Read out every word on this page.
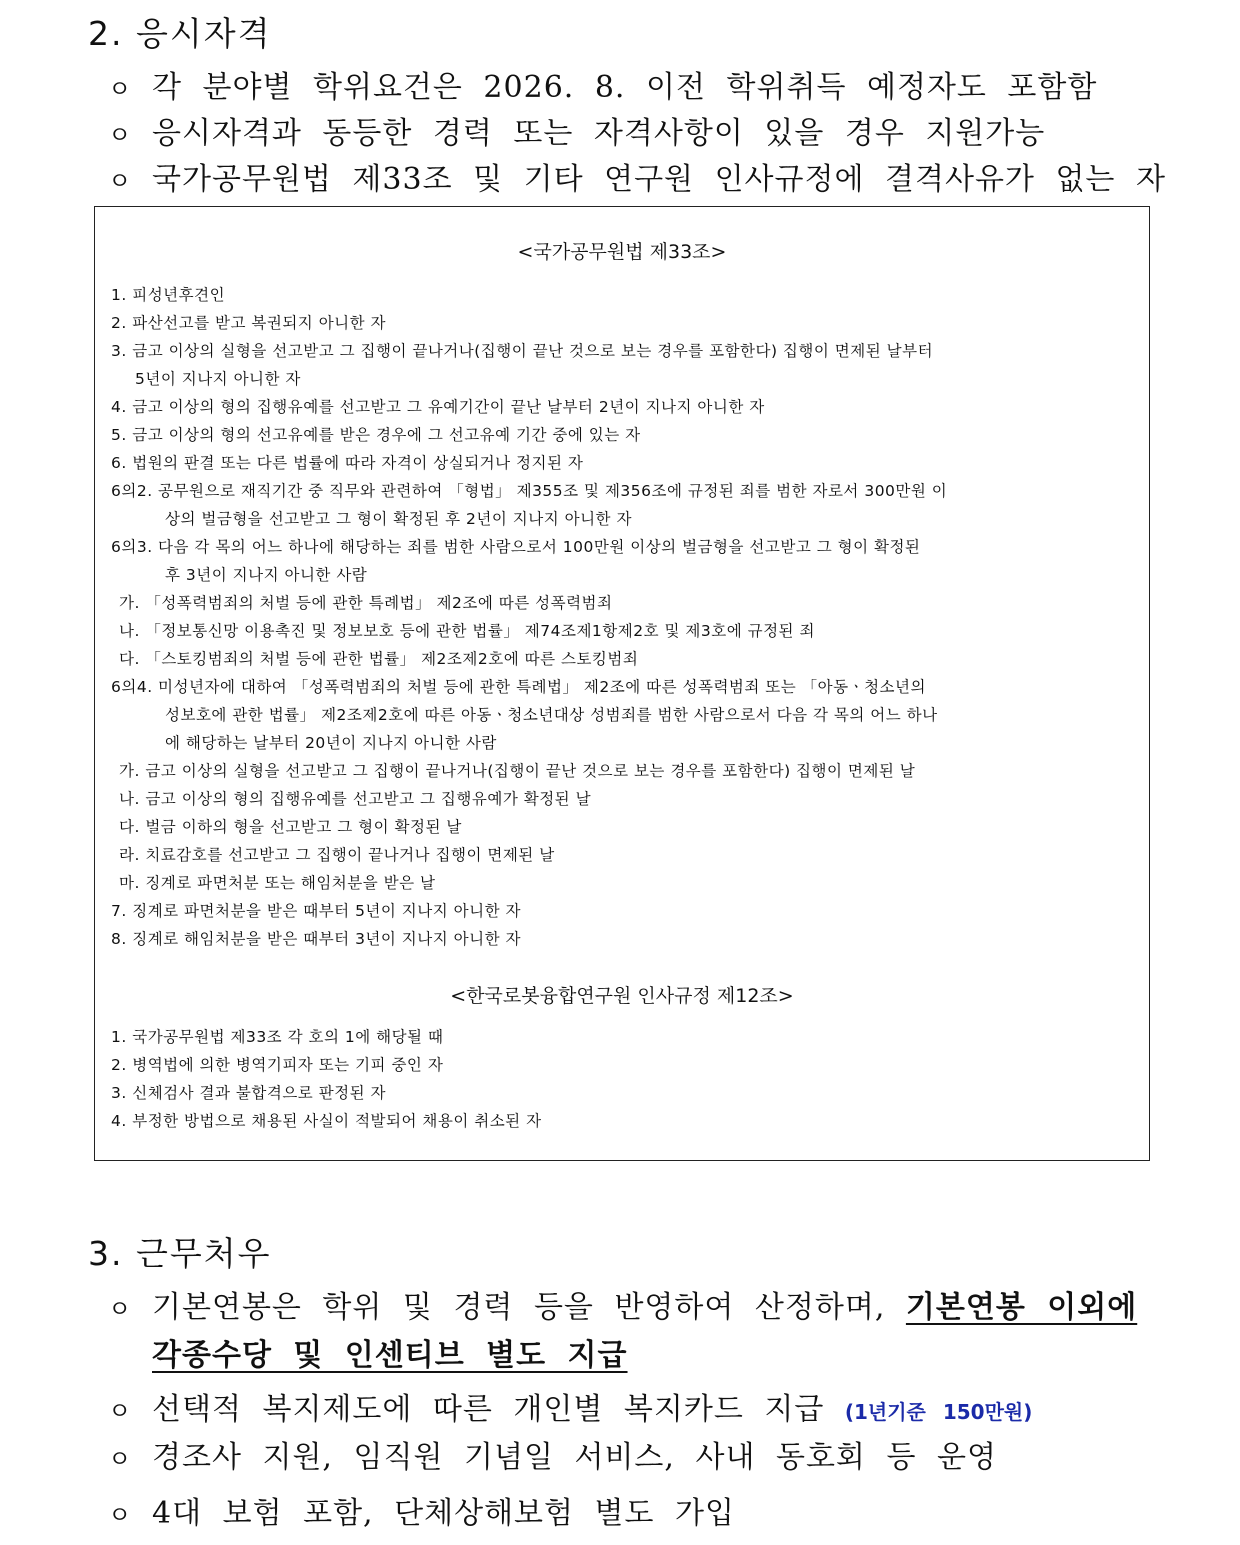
2. 응시자격
ㅇ 각 분야별 학위요건은 2026. 8. 이전 학위취득 예정자도 포함함
ㅇ 응시자격과 동등한 경력 또는 자격사항이 있을 경우 지원가능
ㅇ 국가공무원법 제33조 및 기타 연구원 인사규정에 결격사유가 없는 자
<국가공무원법 제33조>
1. 피성년후견인
2. 파산선고를 받고 복권되지 아니한 자
3. 금고 이상의 실형을 선고받고 그 집행이 끝나거나(집행이 끝난 것으로 보는 경우를 포함한다) 집행이 면제된 날부터
5년이 지나지 아니한 자
4. 금고 이상의 형의 집행유예를 선고받고 그 유예기간이 끝난 날부터 2년이 지나지 아니한 자
5. 금고 이상의 형의 선고유예를 받은 경우에 그 선고유예 기간 중에 있는 자
6. 법원의 판결 또는 다른 법률에 따라 자격이 상실되거나 정지된 자
6의2. 공무원으로 재직기간 중 직무와 관련하여 「형법」 제355조 및 제356조에 규정된 죄를 범한 자로서 300만원 이
상의 벌금형을 선고받고 그 형이 확정된 후 2년이 지나지 아니한 자
6의3. 다음 각 목의 어느 하나에 해당하는 죄를 범한 사람으로서 100만원 이상의 벌금형을 선고받고 그 형이 확정된
후 3년이 지나지 아니한 사람
가. 「성폭력범죄의 처벌 등에 관한 특례법」 제2조에 따른 성폭력범죄
나. 「정보통신망 이용촉진 및 정보보호 등에 관한 법률」 제74조제1항제2호 및 제3호에 규정된 죄
다. 「스토킹범죄의 처벌 등에 관한 법률」 제2조제2호에 따른 스토킹범죄
6의4. 미성년자에 대하여 「성폭력범죄의 처벌 등에 관한 특례법」 제2조에 따른 성폭력범죄 또는 「아동ㆍ청소년의
성보호에 관한 법률」 제2조제2호에 따른 아동ㆍ청소년대상 성범죄를 범한 사람으로서 다음 각 목의 어느 하나
에 해당하는 날부터 20년이 지나지 아니한 사람
가. 금고 이상의 실형을 선고받고 그 집행이 끝나거나(집행이 끝난 것으로 보는 경우를 포함한다) 집행이 면제된 날
나. 금고 이상의 형의 집행유예를 선고받고 그 집행유예가 확정된 날
다. 벌금 이하의 형을 선고받고 그 형이 확정된 날
라. 치료감호를 선고받고 그 집행이 끝나거나 집행이 면제된 날
마. 징계로 파면처분 또는 해임처분을 받은 날
7. 징계로 파면처분을 받은 때부터 5년이 지나지 아니한 자
8. 징계로 해임처분을 받은 때부터 3년이 지나지 아니한 자
<한국로봇융합연구원 인사규정 제12조>
1. 국가공무원법 제33조 각 호의 1에 해당될 때
2. 병역법에 의한 병역기피자 또는 기피 중인 자
3. 신체검사 결과 불합격으로 판정된 자
4. 부정한 방법으로 채용된 사실이 적발되어 채용이 취소된 자
3. 근무처우
ㅇ 기본연봉은 학위 및 경력 등을 반영하여 산정하며, 기본연봉 이외에
각종수당 및 인센티브 별도 지급
ㅇ 선택적 복지제도에 따른 개인별 복지카드 지급 (1년기준 150만원)
ㅇ 경조사 지원, 임직원 기념일 서비스, 사내 동호회 등 운영
ㅇ 4대 보험 포함, 단체상해보험 별도 가입
